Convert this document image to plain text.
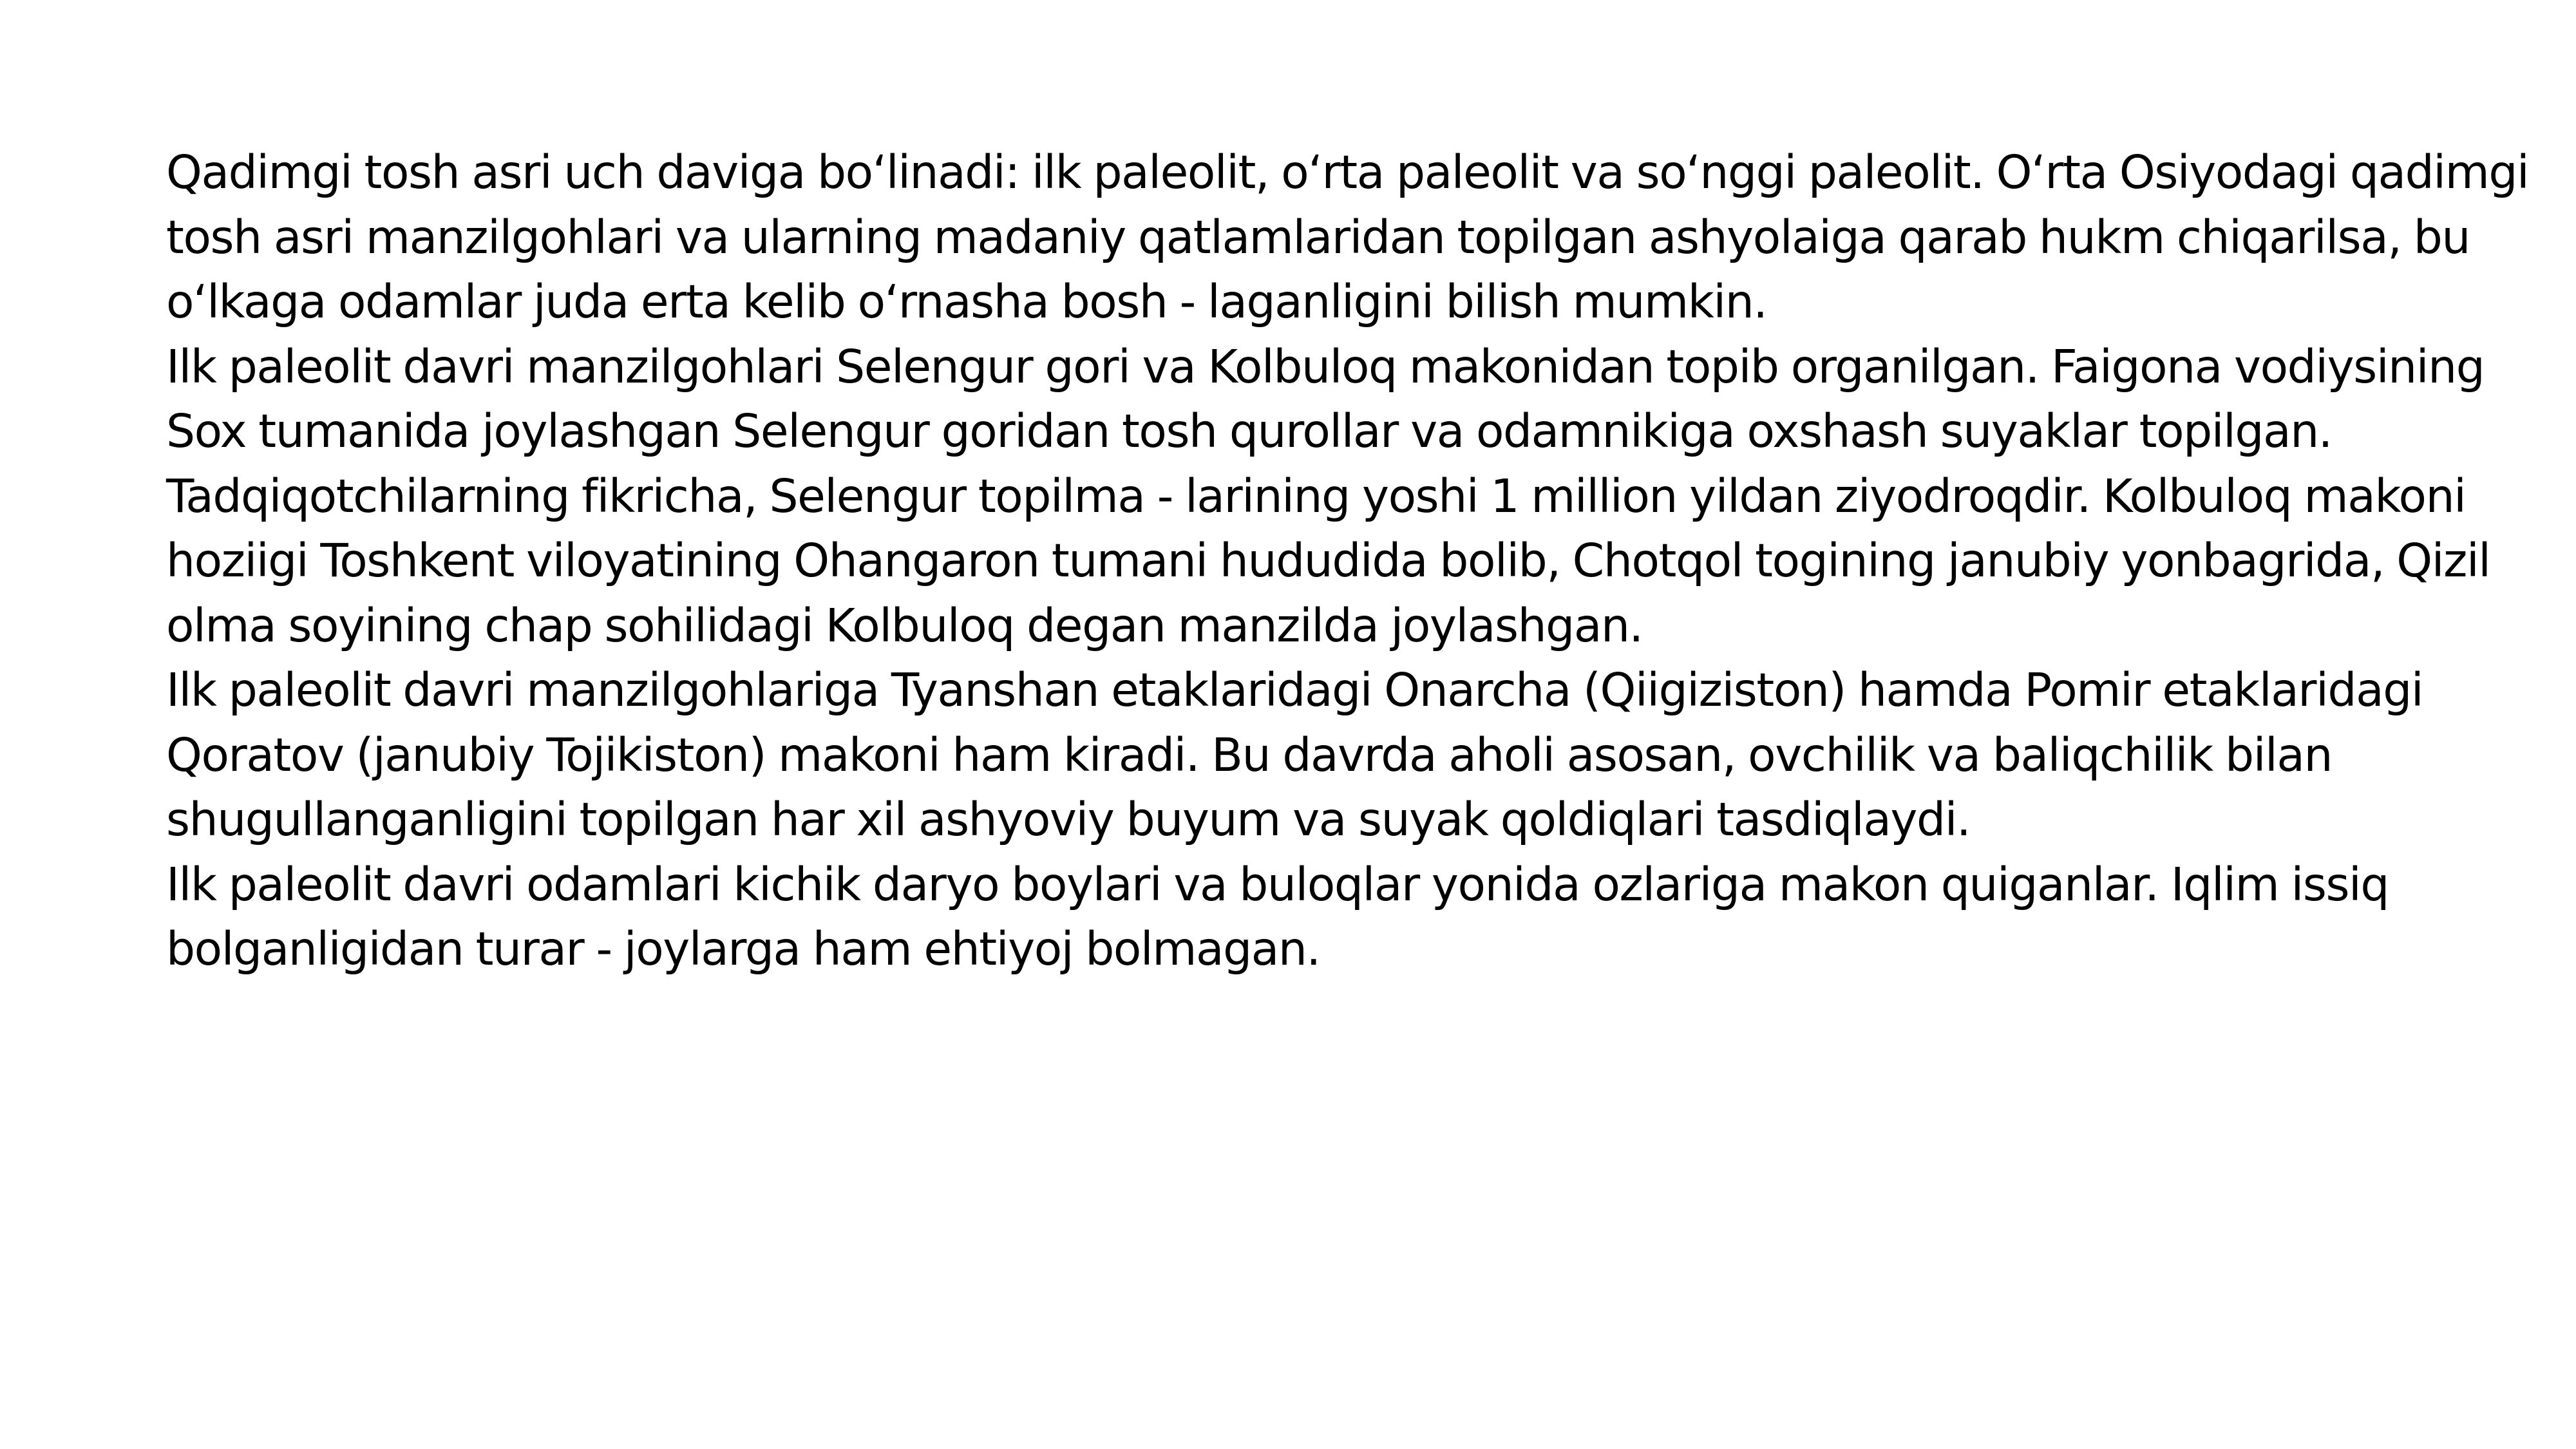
Qadimgi tosh asri uch daviga bo‘linadi: ilk paleolit, o‘rta paleolit va so‘nggi paleolit. O‘rta Osiyodagi qadimgi
tosh asri manzilgohlari va ularning madaniy qatlamlaridan topilgan ashyolaiga qarab hukm chiqarilsa, bu
o‘lkaga odamlar juda erta kelib o‘rnasha bosh - laganligini bilish mumkin.
Ilk paleolit davri manzilgohlari Selengur gori va Kolbuloq makonidan topib organilgan. Faigona vodiysining
Sox tumanida joylashgan Selengur goridan tosh qurollar va odamnikiga oxshash suyaklar topilgan.
Tadqiqotchilarning fikricha, Selengur topilma - larining yoshi 1 million yildan ziyodroqdir. Kolbuloq makoni
hoziigi Toshkent viloyatining Ohangaron tumani hududida bolib, Chotqol togining janubiy yonbagrida, Qizil
olma soyining chap sohilidagi Kolbuloq degan manzilda joylashgan.
Ilk paleolit davri manzilgohlariga Tyanshan etaklaridagi Onarcha (Qiigiziston) hamda Pomir etaklaridagi
Qoratov (janubiy Tojikiston) makoni ham kiradi. Bu davrda aholi asosan, ovchilik va baliqchilik bilan
shugullanganligini topilgan har xil ashyoviy buyum va suyak qoldiqlari tasdiqlaydi.
Ilk paleolit davri odamlari kichik daryo boylari va buloqlar yonida ozlariga makon quiganlar. Iqlim issiq
bolganligidan turar - joylarga ham ehtiyoj bolmagan.
